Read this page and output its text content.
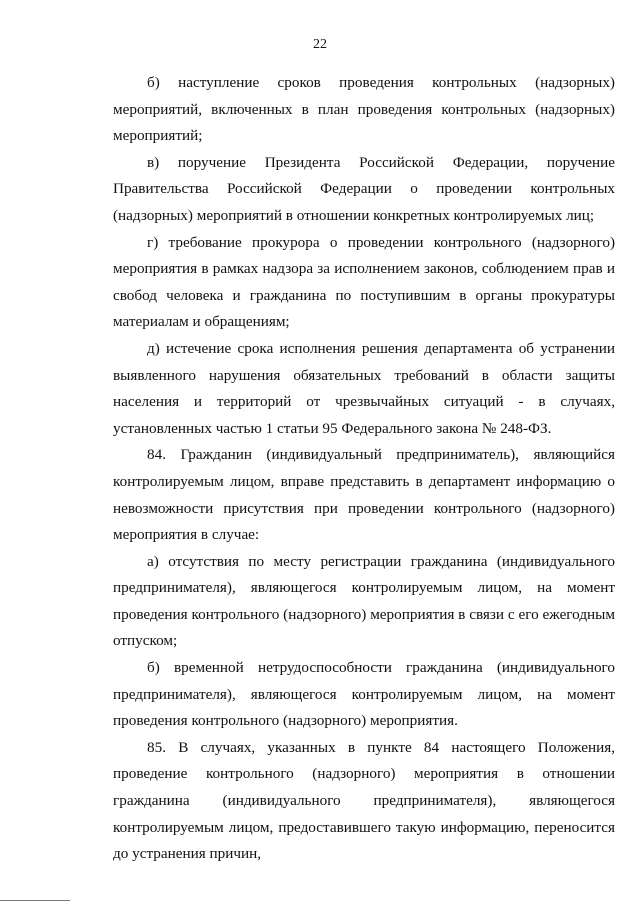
22

б) наступление сроков проведения контрольных (надзорных) мероприятий, включенных в план проведения контрольных (надзорных) мероприятий;

в) поручение Президента Российской Федерации, поручение Правительства Российской Федерации о проведении контрольных (надзорных) мероприятий в отношении конкретных контролируемых лиц;

г) требование прокурора о проведении контрольного (надзорного) мероприятия в рамках надзора за исполнением законов, соблюдением прав и свобод человека и гражданина по поступившим в органы прокуратуры материалам и обращениям;

д) истечение срока исполнения решения департамента об устранении выявленного нарушения обязательных требований в области защиты населения и территорий от чрезвычайных ситуаций - в случаях, установленных частью 1 статьи 95 Федерального закона № 248-ФЗ.

84. Гражданин (индивидуальный предприниматель), являющийся контролируемым лицом, вправе представить в департамент информацию о невозможности присутствия при проведении контрольного (надзорного) мероприятия в случае:

а) отсутствия по месту регистрации гражданина (индивидуального предпринимателя), являющегося контролируемым лицом, на момент проведения контрольного (надзорного) мероприятия в связи с его ежегодным отпуском;

б) временной нетрудоспособности гражданина (индивидуального предпринимателя), являющегося контролируемым лицом, на момент проведения контрольного (надзорного) мероприятия.

85. В случаях, указанных в пункте 84 настоящего Положения, проведение контрольного (надзорного) мероприятия в отношении гражданина (индивидуального предпринимателя), являющегося контролируемым лицом, предоставившего такую информацию, переносится до устранения причин,
